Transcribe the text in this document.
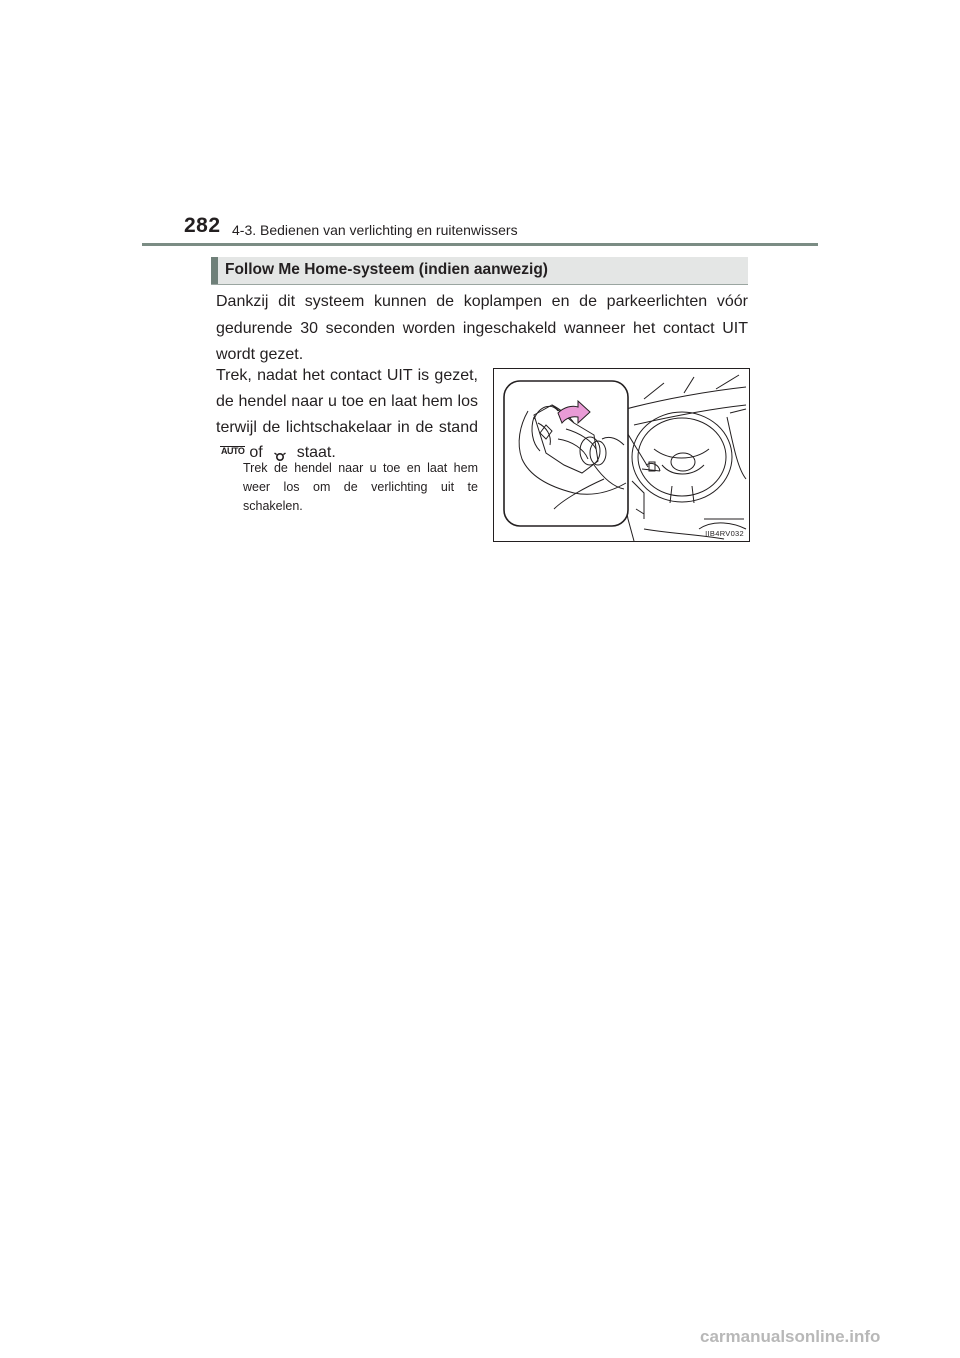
282 4-3. Bedienen van verlichting en ruitenwissers
Follow Me Home-systeem (indien aanwezig)

Dankzij dit systeem kunnen de koplampen en de parkeerlichten vóór gedurende 30 seconden worden ingeschakeld wanneer het contact UIT wordt gezet.

Trek, nadat het contact UIT is gezet, de hendel naar u toe en laat hem los terwijl de lichtschakelaar in de standAUTO of staat.

Trek de hendel naar u toe en laat hem weer los om de verlichting uit te schakelen.

IIB4RV032
carmanualsonline.info
